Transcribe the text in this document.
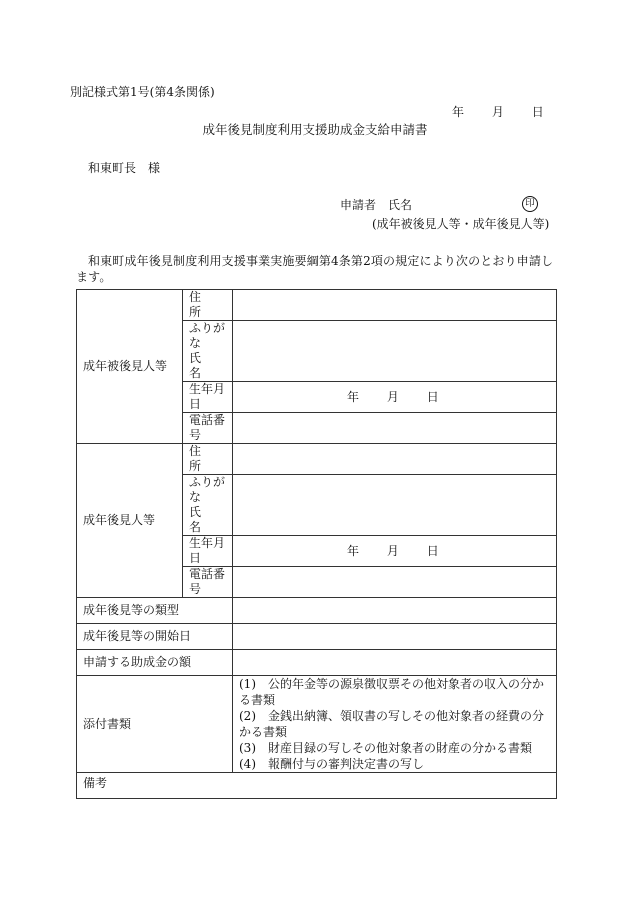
別記様式第1号(第4条関係)
年 月 日
成年後見制度利用支援助成金支給申請書
和東町長　様
申請者　氏名	印
(成年被後見人等・成年後見人等)
和東町成年後見制度利用支援事業実施要綱第4条第2項の規定により次のとおり申請します。
成年被後見人等	住　　所	

	ふりがな
氏　　名	

	生年月日	年 月 日
	電話番号	
成年後見人等	住　　所	

	ふりがな
氏　　名	

	生年月日	年 月 日
	電話番号	
成年後見等の類型		
成年後見等の開始日		
申請する助成金の額		
添付書類		(1)　公的年金等の源泉徴収票その他対象者の収入の分かる書類
(2)　金銭出納簿、領収書の写しその他対象者の経費の分かる書類
(3)　財産目録の写しその他対象者の財産の分かる書類
(4)　報酬付与の審判決定書の写し

備考		
